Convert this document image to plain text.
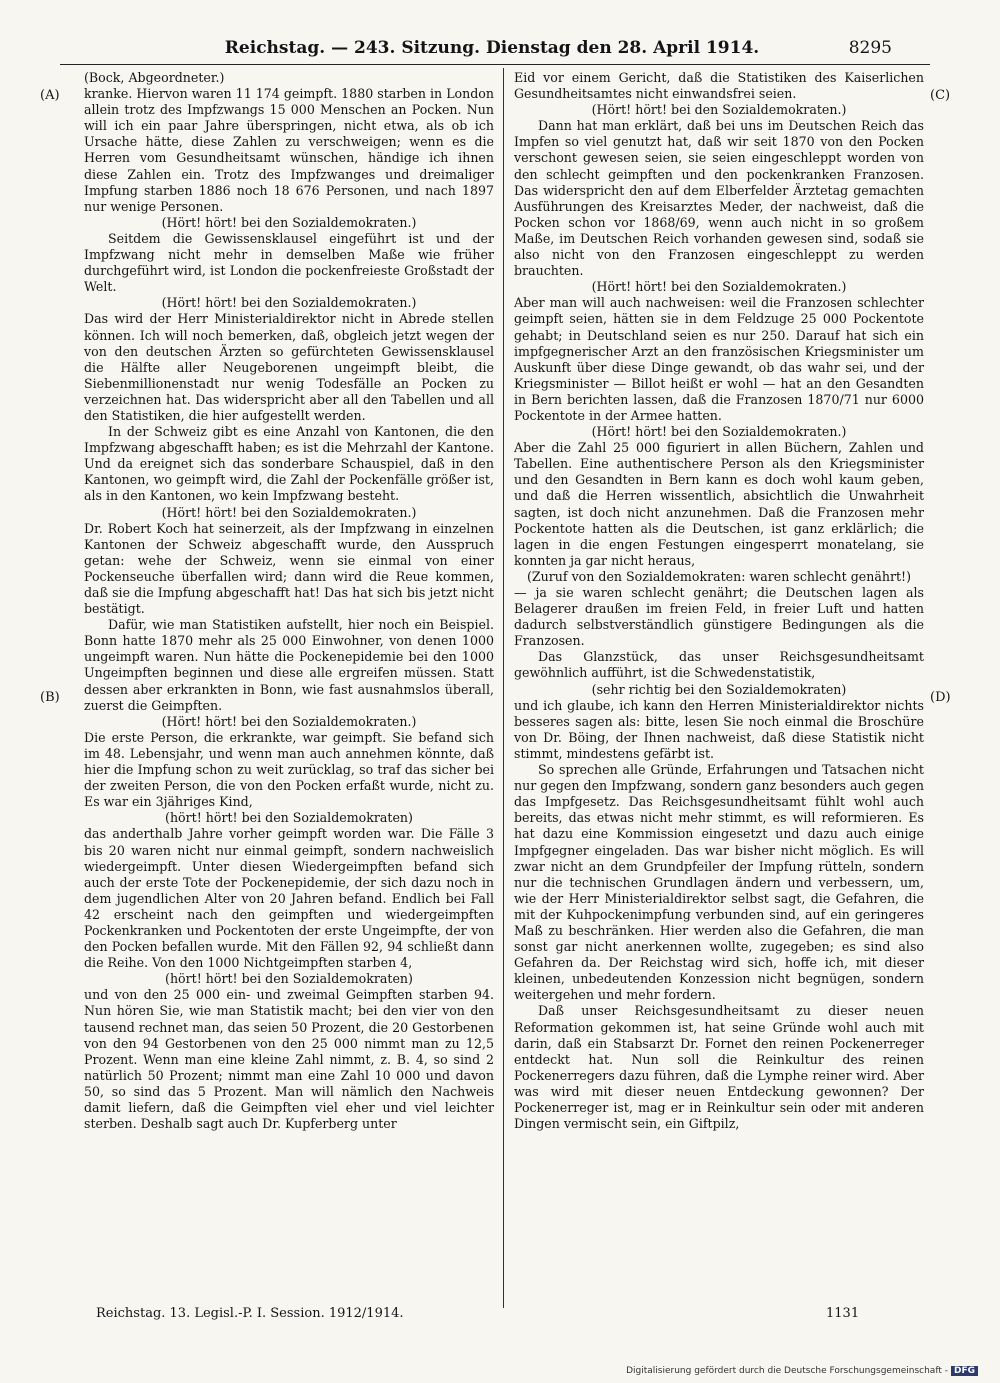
Reichstag. — 243. Sitzung. Dienstag den 28. April 1914.	8295
(A)
(B)
(C)
(D)

(Bock, Abgeordneter.)

kranke. Hiervon waren 11 174 geimpft. 1880 starben in London allein trotz des Impfzwangs 15 000 Menschen an Pocken. Nun will ich ein paar Jahre überspringen, nicht etwa, als ob ich Ursache hätte, diese Zahlen zu verschweigen; wenn es die Herren vom Gesundheitsamt wünschen, händige ich ihnen diese Zahlen ein. Trotz des Impfzwanges und dreimaliger Impfung starben 1886 noch 18 676 Personen, und nach 1897 nur wenige Personen.

(Hört! hört! bei den Sozialdemokraten.)

Seitdem die Gewissensklausel eingeführt ist und der Impfzwang nicht mehr in demselben Maße wie früher durchgeführt wird, ist London die pockenfreieste Großstadt der Welt.

(Hört! hört! bei den Sozialdemokraten.)

Das wird der Herr Ministerialdirektor nicht in Abrede stellen können. Ich will noch bemerken, daß, obgleich jetzt wegen der von den deutschen Ärzten so gefürchteten Gewissensklausel die Hälfte aller Neugeborenen ungeimpft bleibt, die Siebenmillionenstadt nur wenig Todesfälle an Pocken zu verzeichnen hat. Das widerspricht aber all den Tabellen und all den Statistiken, die hier aufgestellt werden.

In der Schweiz gibt es eine Anzahl von Kantonen, die den Impfzwang abgeschafft haben; es ist die Mehrzahl der Kantone. Und da ereignet sich das sonderbare Schauspiel, daß in den Kantonen, wo geimpft wird, die Zahl der Pockenfälle größer ist, als in den Kantonen, wo kein Impfzwang besteht.

(Hört! hört! bei den Sozialdemokraten.)

Dr. Robert Koch hat seinerzeit, als der Impfzwang in einzelnen Kantonen der Schweiz abgeschafft wurde, den Ausspruch getan: wehe der Schweiz, wenn sie einmal von einer Pockenseuche überfallen wird; dann wird die Reue kommen, daß sie die Impfung abgeschafft hat! Das hat sich bis jetzt nicht bestätigt.

Dafür, wie man Statistiken aufstellt, hier noch ein Beispiel. Bonn hatte 1870 mehr als 25 000 Einwohner, von denen 1000 ungeimpft waren. Nun hätte die Pockenepidemie bei den 1000 Ungeimpften beginnen und diese alle ergreifen müssen. Statt dessen aber erkrankten in Bonn, wie fast ausnahmslos überall, zuerst die Geimpften.

(Hört! hört! bei den Sozialdemokraten.)

Die erste Person, die erkrankte, war geimpft. Sie befand sich im 48. Lebensjahr, und wenn man auch annehmen könnte, daß hier die Impfung schon zu weit zurücklag, so traf das sicher bei der zweiten Person, die von den Pocken erfaßt wurde, nicht zu. Es war ein 3jähriges Kind,

(hört! hört! bei den Sozialdemokraten)

das anderthalb Jahre vorher geimpft worden war. Die Fälle 3 bis 20 waren nicht nur einmal geimpft, sondern nachweislich wiedergeimpft. Unter diesen Wiedergeimpften befand sich auch der erste Tote der Pockenepidemie, der sich dazu noch in dem jugendlichen Alter von 20 Jahren befand. Endlich bei Fall 42 erscheint nach den geimpften und wiedergeimpften Pockenkranken und Pockentoten der erste Ungeimpfte, der von den Pocken befallen wurde. Mit den Fällen 92, 94 schließt dann die Reihe. Von den 1000 Nichtgeimpften starben 4,

(hört! hört! bei den Sozialdemokraten)

und von den 25 000 ein- und zweimal Geimpften starben 94. Nun hören Sie, wie man Statistik macht; bei den vier von den tausend rechnet man, das seien 50 Prozent, die 20 Gestorbenen von den 94 Gestorbenen von den 25 000 nimmt man zu 12,5 Prozent. Wenn man eine kleine Zahl nimmt, z. B. 4, so sind 2 natürlich 50 Prozent; nimmt man eine Zahl 10 000 und davon 50, so sind das 5 Prozent. Man will nämlich den Nachweis damit liefern, daß die Geimpften viel eher und viel leichter sterben. Deshalb sagt auch Dr. Kupferberg unter

Eid vor einem Gericht, daß die Statistiken des Kaiserlichen Gesundheitsamtes nicht einwandsfrei seien.

(Hört! hört! bei den Sozialdemokraten.)

Dann hat man erklärt, daß bei uns im Deutschen Reich das Impfen so viel genutzt hat, daß wir seit 1870 von den Pocken verschont gewesen seien, sie seien eingeschleppt worden von den schlecht geimpften und den pockenkranken Franzosen. Das widerspricht den auf dem Elberfelder Ärztetag gemachten Ausführungen des Kreisarztes Meder, der nachweist, daß die Pocken schon vor 1868/69, wenn auch nicht in so großem Maße, im Deutschen Reich vorhanden gewesen sind, sodaß sie also nicht von den Franzosen eingeschleppt zu werden brauchten.

(Hört! hört! bei den Sozialdemokraten.)

Aber man will auch nachweisen: weil die Franzosen schlechter geimpft seien, hätten sie in dem Feldzuge 25 000 Pockentote gehabt; in Deutschland seien es nur 250. Darauf hat sich ein impfgegnerischer Arzt an den französischen Kriegsminister um Auskunft über diese Dinge gewandt, ob das wahr sei, und der Kriegsminister — Billot heißt er wohl — hat an den Gesandten in Bern berichten lassen, daß die Franzosen 1870/71 nur 6000 Pockentote in der Armee hatten.

(Hört! hört! bei den Sozialdemokraten.)

Aber die Zahl 25 000 figuriert in allen Büchern, Zahlen und Tabellen. Eine authentischere Person als den Kriegsminister und den Gesandten in Bern kann es doch wohl kaum geben, und daß die Herren wissentlich, absichtlich die Unwahrheit sagten, ist doch nicht anzunehmen. Daß die Franzosen mehr Pockentote hatten als die Deutschen, ist ganz erklärlich; die lagen in die engen Festungen eingesperrt monatelang, sie konnten ja gar nicht heraus,

(Zuruf von den Sozialdemokraten: waren schlecht genährt!)

— ja sie waren schlecht genährt; die Deutschen lagen als Belagerer draußen im freien Feld, in freier Luft und hatten dadurch selbstverständlich günstigere Bedingungen als die Franzosen.

Das Glanzstück, das unser Reichsgesundheitsamt gewöhnlich aufführt, ist die Schwedenstatistik,

(sehr richtig bei den Sozialdemokraten)

und ich glaube, ich kann den Herren Ministerialdirektor nichts besseres sagen als: bitte, lesen Sie noch einmal die Broschüre von Dr. Böing, der Ihnen nachweist, daß diese Statistik nicht stimmt, mindestens gefärbt ist.

So sprechen alle Gründe, Erfahrungen und Tatsachen nicht nur gegen den Impfzwang, sondern ganz besonders auch gegen das Impfgesetz. Das Reichsgesundheitsamt fühlt wohl auch bereits, das etwas nicht mehr stimmt, es will reformieren. Es hat dazu eine Kommission eingesetzt und dazu auch einige Impfgegner eingeladen. Das war bisher nicht möglich. Es will zwar nicht an dem Grundpfeiler der Impfung rütteln, sondern nur die technischen Grundlagen ändern und verbessern, um, wie der Herr Ministerialdirektor selbst sagt, die Gefahren, die mit der Kuhpockenimpfung verbunden sind, auf ein geringeres Maß zu beschränken. Hier werden also die Gefahren, die man sonst gar nicht anerkennen wollte, zugegeben; es sind also Gefahren da. Der Reichstag wird sich, hoffe ich, mit dieser kleinen, unbedeutenden Konzession nicht begnügen, sondern weitergehen und mehr fordern.

Daß unser Reichsgesundheitsamt zu dieser neuen Reformation gekommen ist, hat seine Gründe wohl auch mit darin, daß ein Stabsarzt Dr. Fornet den reinen Pockenerreger entdeckt hat. Nun soll die Reinkultur des reinen Pockenerregers dazu führen, daß die Lymphe reiner wird. Aber was wird mit dieser neuen Entdeckung gewonnen? Der Pockenerreger ist, mag er in Reinkultur sein oder mit anderen Dingen vermischt sein, ein Giftpilz,

Reichstag. 13. Legisl.-P. I. Session. 1912/1914.	1131
Digitalisierung gefördert durch die Deutsche Forschungsgemeinschaft - DFG
